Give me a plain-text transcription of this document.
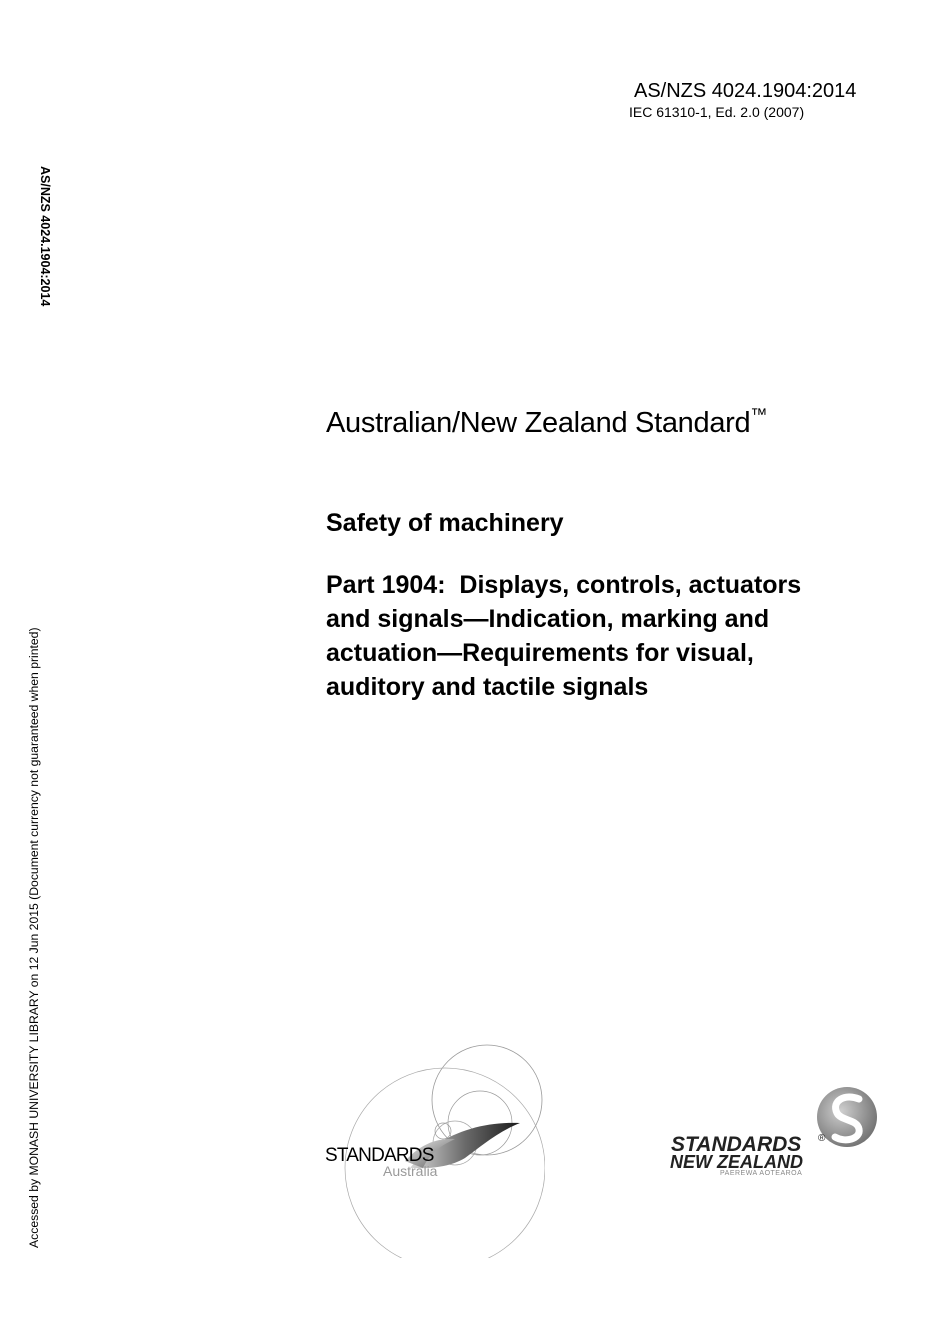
AS/NZS 4024.1904:2014
IEC 61310-1, Ed. 2.0 (2007)
AS/NZS 4024.1904:2014
Accessed by MONASH UNIVERSITY LIBRARY on 12 Jun 2015 (Document currency not guaranteed when printed)
Australian/New Zealand Standard™
Safety of machinery
Part 1904:  Displays, controls, actuators
and signals—Indication, marking and
actuation—Requirements for visual,
auditory and tactile signals
STANDARDS
Australia
STANDARDS ®
NEW ZEALAND
PAEREWA AOTEAROA
